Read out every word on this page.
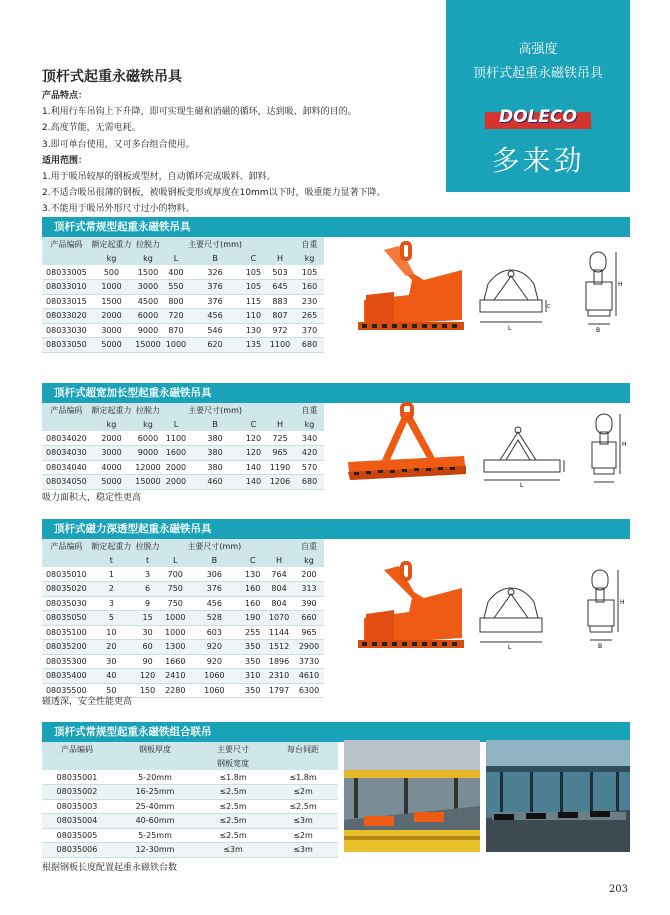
高强度
顶杆式起重永磁铁吊具
DOLECO
多来劲
顶杆式起重永磁铁吊具
产品特点：
1.利用行车吊钩上下升降，即可实现生磁和消磁的循环，达到吸、卸料的目的。
2.高度节能，无需电耗。
3.即可单台使用，又可多台组合使用。
适用范围：
1.用于吸吊较厚的钢板或型材，自动循环完成吸料、卸料。
2.不适合吸吊很薄的钢板，被吸钢板变形或厚度在10mm以下时，吸重能力显著下降。
3.不能用于吸吊外形尺寸过小的物料。
顶杆式常规型起重永磁铁吊具
产品编码	额定起重力	拉脱力		主要尺寸(mm)			自重
	kg	kg	L	B	C	H	kg
08033005	500	1500	400	326	105	503	105
08033010	1000	3000	550	376	105	645	160
08033015	1500	4500	800	376	115	883	230
08033020	2000	6000	720	456	110	807	265
08033030	3000	9000	870	546	130	972	370
08033050	5000	15000	1000	620	135	1100	680
L
C
H
B
顶杆式超宽加长型起重永磁铁吊具
产品编码	额定起重力	拉脱力		主要尺寸(mm)			自重
	kg	kg	L	B	C	H	kg
08034020	2000	6000	1100	380	120	725	340
08034030	3000	9000	1600	380	120	965	420
08034040	4000	12000	2000	380	140	1190	570
08034050	5000	15000	2000	460	140	1206	680
吸力面积大，稳定性更高
L
H
顶杆式磁力深透型起重永磁铁吊具
产品编码	额定起重力	拉脱力		主要尺寸(mm)			自重
	t	t	L	B	C	H	kg
08035010	1	3	700	306	130	764	200
08035020	2	6	750	376	160	804	313
08035030	3	9	750	456	160	804	390
08035050	5	15	1000	528	190	1070	660
08035100	10	30	1000	603	255	1144	965
08035200	20	60	1300	920	350	1512	2900
08035300	30	90	1660	920	350	1896	3730
08035400	40	120	2410	1060	310	2310	4610
08035500	50	150	2280	1060	350	1797	6300
磁透深，安全性能更高
L
H
B
顶杆式常规型起重永磁铁组合联吊
产品编码	钢板厚度	主要尺寸	每台间距
		钢板宽度	
08035001	5-20mm	≤1.8m	≤1.8m
08035002	16-25mm	≤2.5m	≤2m
08035003	25-40mm	≤2.5m	≤2.5m
08035004	40-60mm	≤2.5m	≤3m
08035005	5-25mm	≤2.5m	≤2m
08035006	12-30mm	≤3m	≤3m
根据钢板长度配置起重永磁铁台数
203
